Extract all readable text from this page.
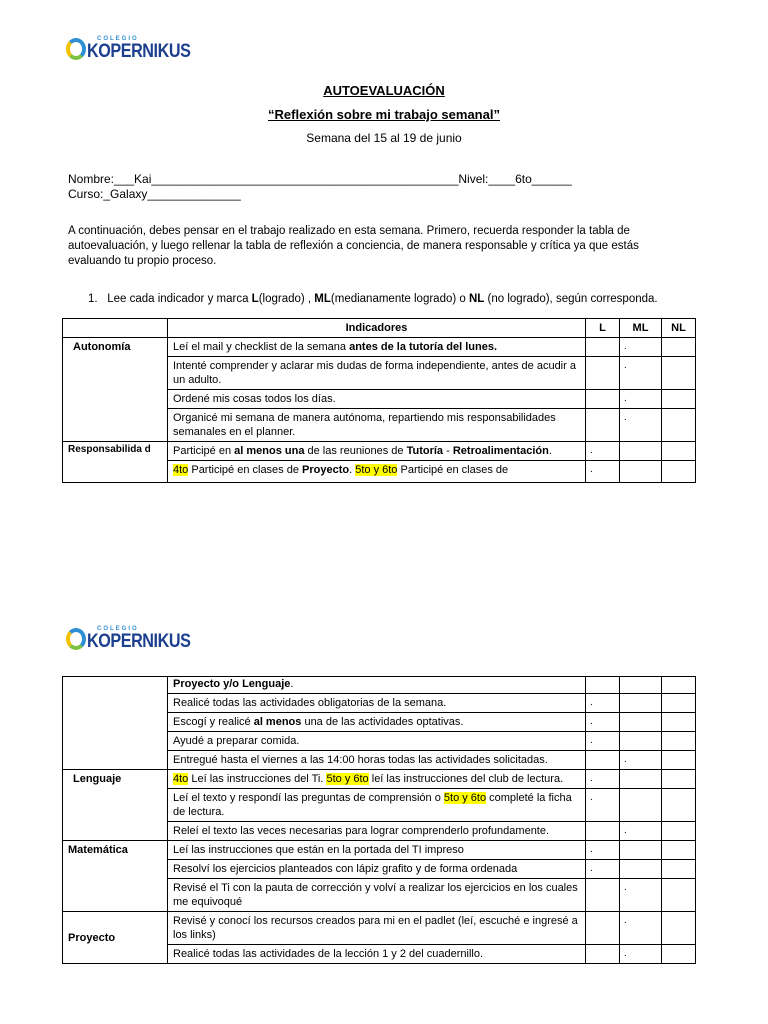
COLEGIO
KOPERNIKUS
AUTOEVALUACIÓN
“Reflexión sobre mi trabajo semanal”
Semana del 15 al 19 de junio
Nombre:___Kai______________________________________________Nivel:____6to______
Curso:_Galaxy______________
A continuación, debes pensar en el trabajo realizado en esta semana. Primero, recuerda responder la tabla de autoevaluación, y luego rellenar la tabla de reflexión a conciencia, de manera responsable y crítica ya que estás evaluando tu propio proceso.
1. Lee cada indicador y marca L(logrado) , ML(medianamente logrado) o NL (no logrado), según corresponda.
	Indicadores	L	ML	NL
Autonomía	Leí el mail y checklist de la semana antes de la tutoría del lunes.		.	
	Intenté comprender y aclarar mis dudas de forma independiente, antes de acudir a un adulto.		.	
	Ordené mis cosas todos los días.		.	
	Organicé mi semana de manera autónoma, repartiendo mis responsabilidades semanales en el planner.		.	
Responsabilida d	Participé en al menos una de las reuniones de Tutoría - Retroalimentación.	.		
	4to Participé en clases de Proyecto. 5to y 6to Participé en clases de	.		
COLEGIO
KOPERNIKUS
	Proyecto y/o Lenguaje.			
	Realicé todas las actividades obligatorias de la semana.	.		
	Escogí y realicé al menos una de las actividades optativas.	.		
	Ayudé a preparar comida.	.		
	Entregué hasta el viernes a las 14:00 horas todas las actividades solicitadas.		.	
Lenguaje	4to Leí las instrucciones del Ti. 5to y 6to leí las instrucciones del club de lectura.	.		
	Leí el texto y respondí las preguntas de comprensión o 5to y 6to completé la ficha de lectura.	.		
	Releí el texto las veces necesarias para lograr comprenderlo profundamente.		.	
Matemática	Leí las instrucciones que están en la portada del TI impreso	.		
	Resolví los ejercicios planteados con lápiz grafito y de forma ordenada	.		
	Revisé el Ti con la pauta de corrección y volví a realizar los ejercicios en los cuales me equivoqué		.	
Proyecto	Revisé y conocí los recursos creados para mi en el padlet (leí, escuché e ingresé a los links)		.	
	Realicé todas las actividades de la lección 1 y 2 del cuadernillo.		.	
